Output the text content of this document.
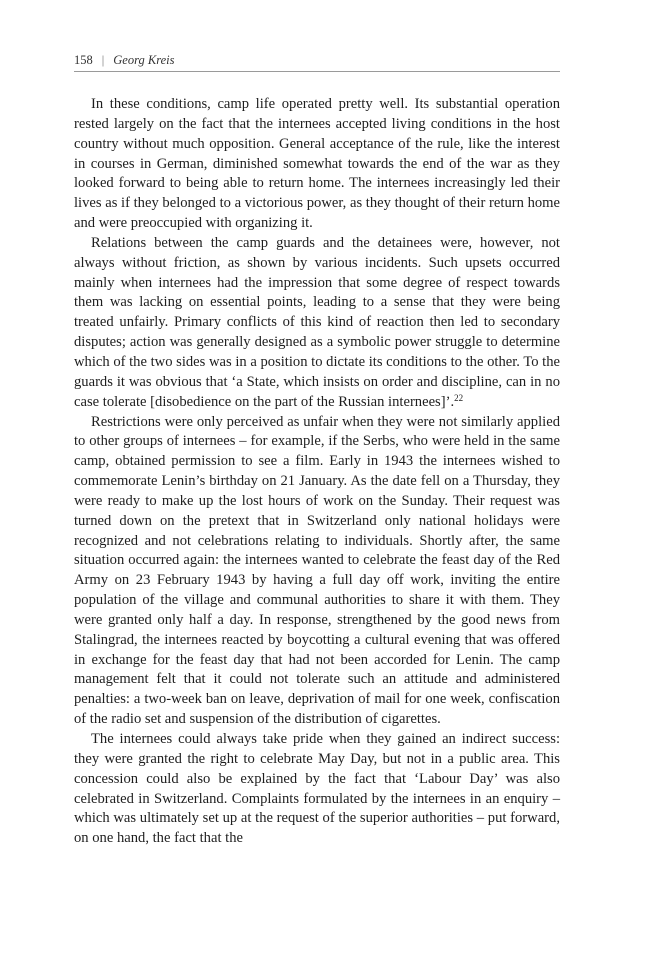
158 | Georg Kreis

In these conditions, camp life operated pretty well. Its substantial operation rested largely on the fact that the internees accepted living conditions in the host country without much opposition. General acceptance of the rule, like the interest in courses in German, diminished somewhat towards the end of the war as they looked forward to being able to return home. The internees increasingly led their lives as if they belonged to a victorious power, as they thought of their return home and were preoccupied with organizing it.

Relations between the camp guards and the detainees were, however, not always without friction, as shown by various incidents. Such upsets occurred mainly when internees had the impression that some degree of respect towards them was lacking on essential points, leading to a sense that they were being treated unfairly. Primary conflicts of this kind of reaction then led to secondary disputes; action was generally designed as a symbolic power struggle to determine which of the two sides was in a position to dictate its conditions to the other. To the guards it was obvious that ‘a State, which insists on order and discipline, can in no case tolerate [disobedience on the part of the Russian internees]’.$^{22}$

Restrictions were only perceived as unfair when they were not similarly applied to other groups of internees – for example, if the Serbs, who were held in the same camp, obtained permission to see a film. Early in 1943 the internees wished to commemorate Lenin’s birthday on 21 January. As the date fell on a Thursday, they were ready to make up the lost hours of work on the Sunday. Their request was turned down on the pretext that in Switzerland only national holidays were recognized and not celebrations relating to individuals. Shortly after, the same situation occurred again: the internees wanted to celebrate the feast day of the Red Army on 23 February 1943 by having a full day off work, inviting the entire population of the village and communal authorities to share it with them. They were granted only half a day. In response, strengthened by the good news from Stalingrad, the internees reacted by boycotting a cultural evening that was offered in exchange for the feast day that had not been accorded for Lenin. The camp management felt that it could not tolerate such an attitude and administered penalties: a two-week ban on leave, deprivation of mail for one week, confiscation of the radio set and suspension of the distribution of cigarettes.

The internees could always take pride when they gained an indirect success: they were granted the right to celebrate May Day, but not in a public area. This concession could also be explained by the fact that ‘Labour Day’ was also celebrated in Switzerland. Complaints formulated by the internees in an enquiry – which was ultimately set up at the request of the superior authorities – put forward, on one hand, the fact that the
